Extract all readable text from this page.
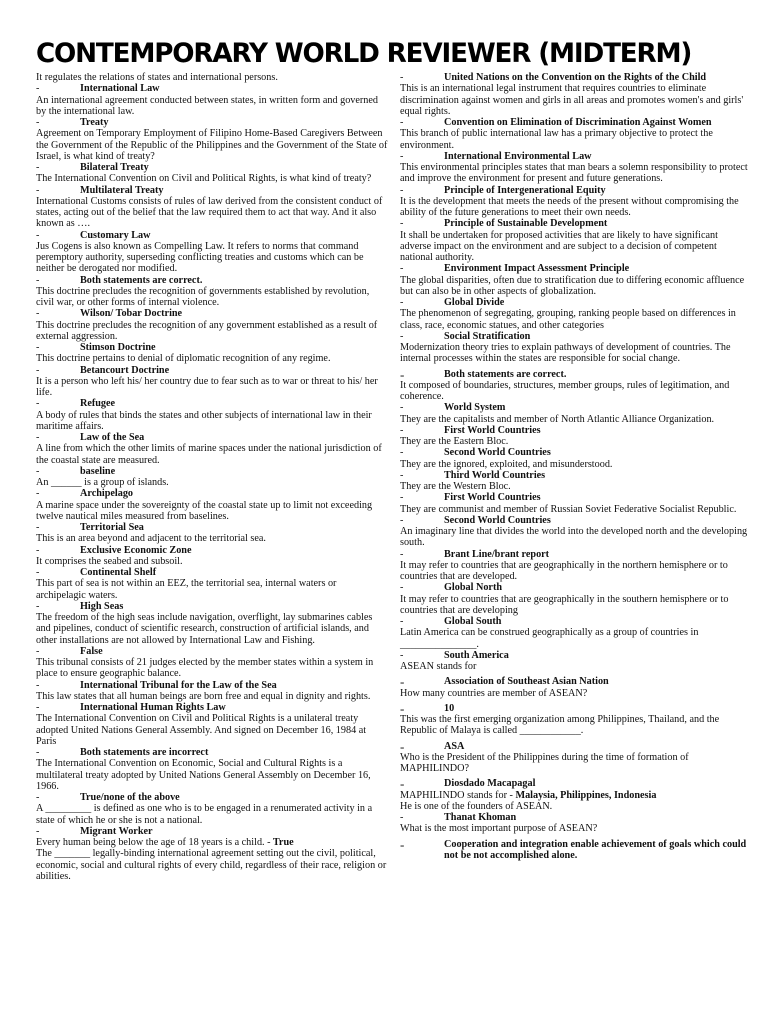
CONTEMPORARY WORLD REVIEWER (MIDTERM)

It regulates the relations of states and international persons.

-	International Law

An international agreement conducted between states, in written form and governed by the international law.

-	Treaty

Agreement on Temporary Employment of Filipino Home-Based Caregivers Between the Government of the Republic of the Philippines and the Government of the State of Israel, is what kind of treaty?

-	Bilateral Treaty

The International Convention on Civil and Political Rights, is what kind of treaty?

-	Multilateral Treaty

International Customs consists of rules of law derived from the consistent conduct of states, acting out of the belief that the law required them to act that way. And it also known as ….

-	Customary Law

Jus Cogens is also known as Compelling Law. It refers to norms that command peremptory authority, superseding conflicting treaties and customs which can be neither be derogated nor modified.

-	Both statements are correct.

This doctrine precludes the recognition of governments established by revolution, civil war, or other forms of internal violence.

-	Wilson/ Tobar Doctrine

This doctrine precludes the recognition of any government established as a result of external aggression.

-	Stimson Doctrine

This doctrine pertains to denial of diplomatic recognition of any regime.

-	Betancourt Doctrine

It is a person who left his/ her country due to fear such as to war or threat to his/ her life.

-	Refugee

A body of rules that binds the states and other subjects of international law in their maritime affairs.

-	Law of the Sea

A line from which the other limits of marine spaces under the national jurisdiction of the coastal state are measured.

-	baseline

An ______ is a group of islands.

-	Archipelago

A marine space under the sovereignty of the coastal state up to limit not exceeding twelve nautical miles measured from baselines.

-	Territorial Sea

This is an area beyond and adjacent to the territorial sea.

-	Exclusive Economic Zone

It comprises the seabed and subsoil.

-	Continental Shelf

This part of sea is not within an EEZ, the territorial sea, internal waters or archipelagic waters.

-	High Seas

The freedom of the high seas include navigation, overflight, lay submarines cables and pipelines, conduct of scientific research, construction of artificial islands, and other installations are not allowed by International Law and Fishing.

-	False

This tribunal consists of 21 judges elected by the member states within a system in place to ensure geographic balance.

-	International Tribunal for the Law of the Sea

This law states that all human beings are born free and equal in dignity and rights.

-	International Human Rights Law

The International Convention on Civil and Political Rights is a unilateral treaty adopted United Nations General Assembly. And signed on December 16, 1984 at Paris

-	Both statements are incorrect

The International Convention on Economic, Social and Cultural Rights is a multilateral treaty adopted by United Nations General Assembly on December 16, 1966.

-	True/none of the above

A _________ is defined as one who is to be engaged in a renumerated activity in a state of which he or she is not a national.

-	Migrant Worker

Every human being below the age of 18 years is a child. - True

The _______ legally-binding international agreement setting out the civil, political, economic, social and cultural rights of every child, regardless of their race, religion or abilities.

-	United Nations on the Convention on the Rights of the Child

This is an international legal instrument that requires countries to eliminate discrimination against women and girls in all areas and promotes women's and girls' equal rights.

-	Convention on Elimination of Discrimination Against Women

This branch of public international law has a primary objective to protect the environment.

-	International Environmental Law

This environmental principles states that man bears a solemn responsibility to protect and improve the environment for present and future generations.

-	Principle of Intergenerational Equity

It is the development that meets the needs of the present without compromising the ability of the future generations to meet their own needs.

-	Principle of Sustainable Development

It shall be undertaken for proposed activities that are likely to have significant adverse impact on the environment and are subject to a decision of competent national authority.

-	Environment Impact Assessment Principle

The global disparities, often due to stratification due to differing economic affluence but can also be in other aspects of globalization.

-	Global Divide

The phenomenon of segregating, grouping, ranking people based on differences in class, race, economic statues, and other categories

-	Social Stratification

Modernization theory tries to explain pathways of development of countries. The internal processes within the states are responsible for social change.

-	Both statements are correct.

It composed of boundaries, structures, member groups, rules of legitimation, and coherence.

-	World System

They are the capitalists and member of North Atlantic Alliance Organization.

-	First World Countries

They are the Eastern Bloc.

-	Second World Countries

They are the ignored, exploited, and misunderstood.

-	Third World Countries

They are the Western Bloc.

-	First World Countries

They are communist and member of Russian Soviet Federative Socialist Republic.

-	Second World Countries

An imaginary line that divides the world into the developed north and the developing south.

-	Brant Line/brant report

It may refer to countries that are geographically in the northern hemisphere or to countries that are developed.

-	Global North

It may refer to countries that are geographically in the southern hemisphere or to countries that are developing

-	Global South

Latin America can be construed geographically as a group of countries in _______________.

-	South America

ASEAN stands for

-	Association of Southeast Asian Nation

How many countries are member of ASEAN?

-	10

This was the first emerging organization among Philippines, Thailand, and the Republic of Malaya is called ____________.

-	ASA

Who is the President of the Philippines during the time of formation of MAPHILINDO?

-	Diosdado Macapagal

MAPHILINDO stands for - Malaysia, Philippines, Indonesia

He is one of the founders of ASEAN.

-	Thanat Khoman

What is the most important purpose of ASEAN?

-	Cooperation and integration enable achievement of goals which could not be not accomplished alone.
